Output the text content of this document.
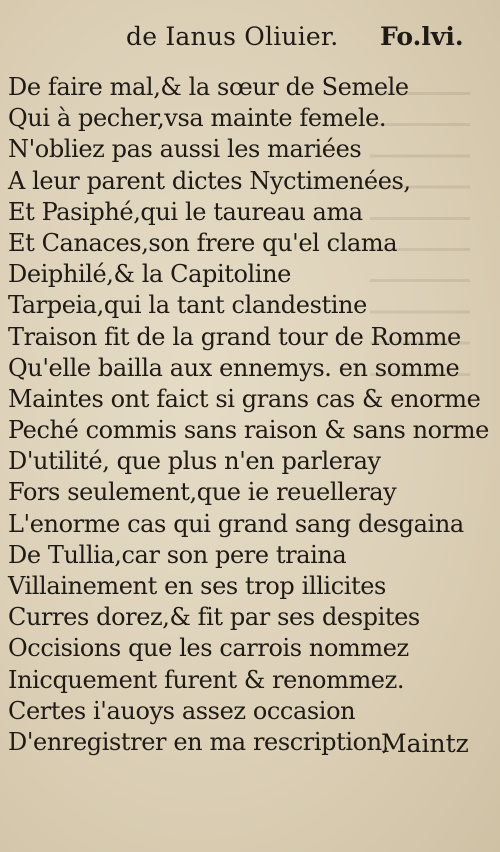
de Ianus Oliuier. Fo.lvi.
De faire mal,& la sœur de Semele
Qui à pecher,vsa mainte femele.
N'obliez pas aussi les mariées
A leur parent dictes Nyctimenées,
Et Pasiphé,qui le taureau ama
Et Canaces,son frere qu'el clama
Deiphilé,& la Capitoline
Tarpeia,qui la tant clandestine
Traison fit de la grand tour de Romme
Qu'elle bailla aux ennemys. en somme
Maintes ont faict si grans cas & enorme
Peché commis sans raison & sans norme
D'utilité, que plus n'en parleray
Fors seulement,que ie reuelleray
L'enorme cas qui grand sang desgaina
De Tullia,car son pere traina
Villainement en ses trop illicites
Curres dorez,& fit par ses despites
Occisions que les carrois nommez
Inicquement furent & renommez.
Certes i'auoys assez occasion
D'enregistrer en ma rescription,
Maintz
